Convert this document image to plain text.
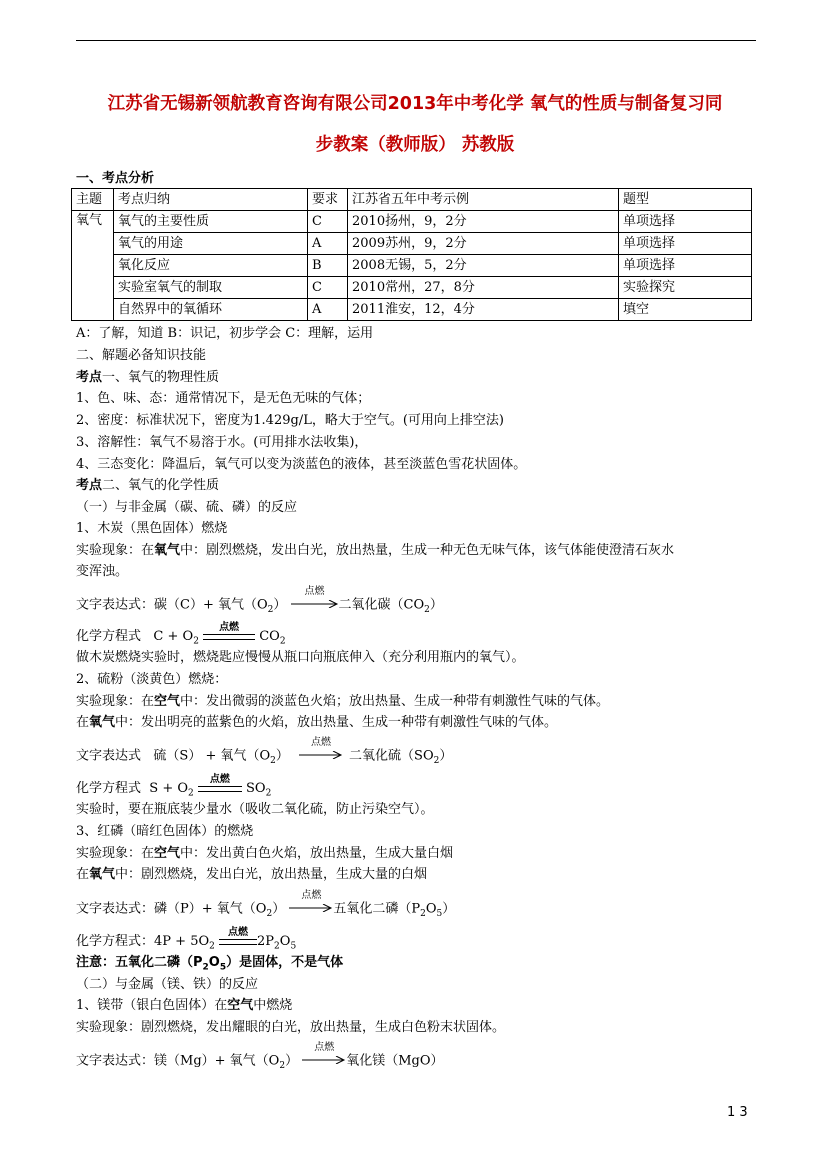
江苏省无锡新领航教育咨询有限公司2013年中考化学 氧气的性质与制备复习同
步教案（教师版） 苏教版
一、考点分析
主题	考点归纳	要求	江苏省五年中考示例	题型
氧气	氧气的主要性质	C	2010扬州，9，2分	单项选择
	氧气的用途	A	2009苏州，9，2分	单项选择
	氧化反应	B	2008无锡，5，2分	单项选择
	实验室氧气的制取	C	2010常州，27，8分	实验探究
	自然界中的氧循环	A	2011淮安，12，4分	填空
A：了解，知道 B：识记，初步学会 C：理解，运用
二、解题必备知识技能
考点一、氧气的物理性质
1、色、味、态：通常情况下，是无色无味的气体；
2、密度：标准状况下，密度为1.429g/L，略大于空气。(可用向上排空法)
3、溶解性：氧气不易溶于水。(可用排水法收集)，
4、三态变化：降温后，氧气可以变为淡蓝色的液体，甚至淡蓝色雪花状固体。
考点二、氧气的化学性质
（一）与非金属（碳、硫、磷）的反应
1、木炭（黑色固体）燃烧
实验现象：在氧气中：剧烈燃烧，发出白光，放出热量，生成一种无色无味气体，该气体能使澄清石灰水
变浑浊。
文字表达式：碳（C）+ 氧气$(O_2)$
点燃
二氧化碳$(CO_2)$
化学方程式 $C + O_2$
点燃
$CO_2$
做木炭燃烧实验时，燃烧匙应慢慢从瓶口向瓶底伸入（充分利用瓶内的氧气）。
2、硫粉（淡黄色）燃烧：
实验现象：在空气中：发出微弱的淡蓝色火焰；放出热量、生成一种带有刺激性气味的气体。
在氧气中：发出明亮的蓝紫色的火焰，放出热量、生成一种带有刺激性气味的气体。
文字表达式 硫（S） + 氧气$(O_2)$
点燃
二氧化硫$(SO_2)$
化学方程式 $S + O_2$
点燃
$SO_2$
实验时，要在瓶底装少量水（吸收二氧化硫，防止污染空气）。
3、红磷（暗红色固体）的燃烧
实验现象：在空气中：发出黄白色火焰，放出热量，生成大量白烟
在氧气中：剧烈燃烧，发出白光，放出热量，生成大量的白烟
文字表达式：磷（P）+ 氧气$(O_2)$
点燃
五氧化二磷$(P_2O_5)$
化学方程式：$4P + 5O_2$
点燃
$2P_2O_5$
注意：五氧化二磷$(P_2O_5)$是固体，不是气体
（二）与金属（镁、铁）的反应
1、镁带（银白色固体）在空气中燃烧
实验现象：剧烈燃烧，发出耀眼的白光，放出热量，生成白色粉末状固体。
文字表达式：镁（Mg）+ 氧气$(O_2)$
点燃
氧化镁（MgO）
1 3
